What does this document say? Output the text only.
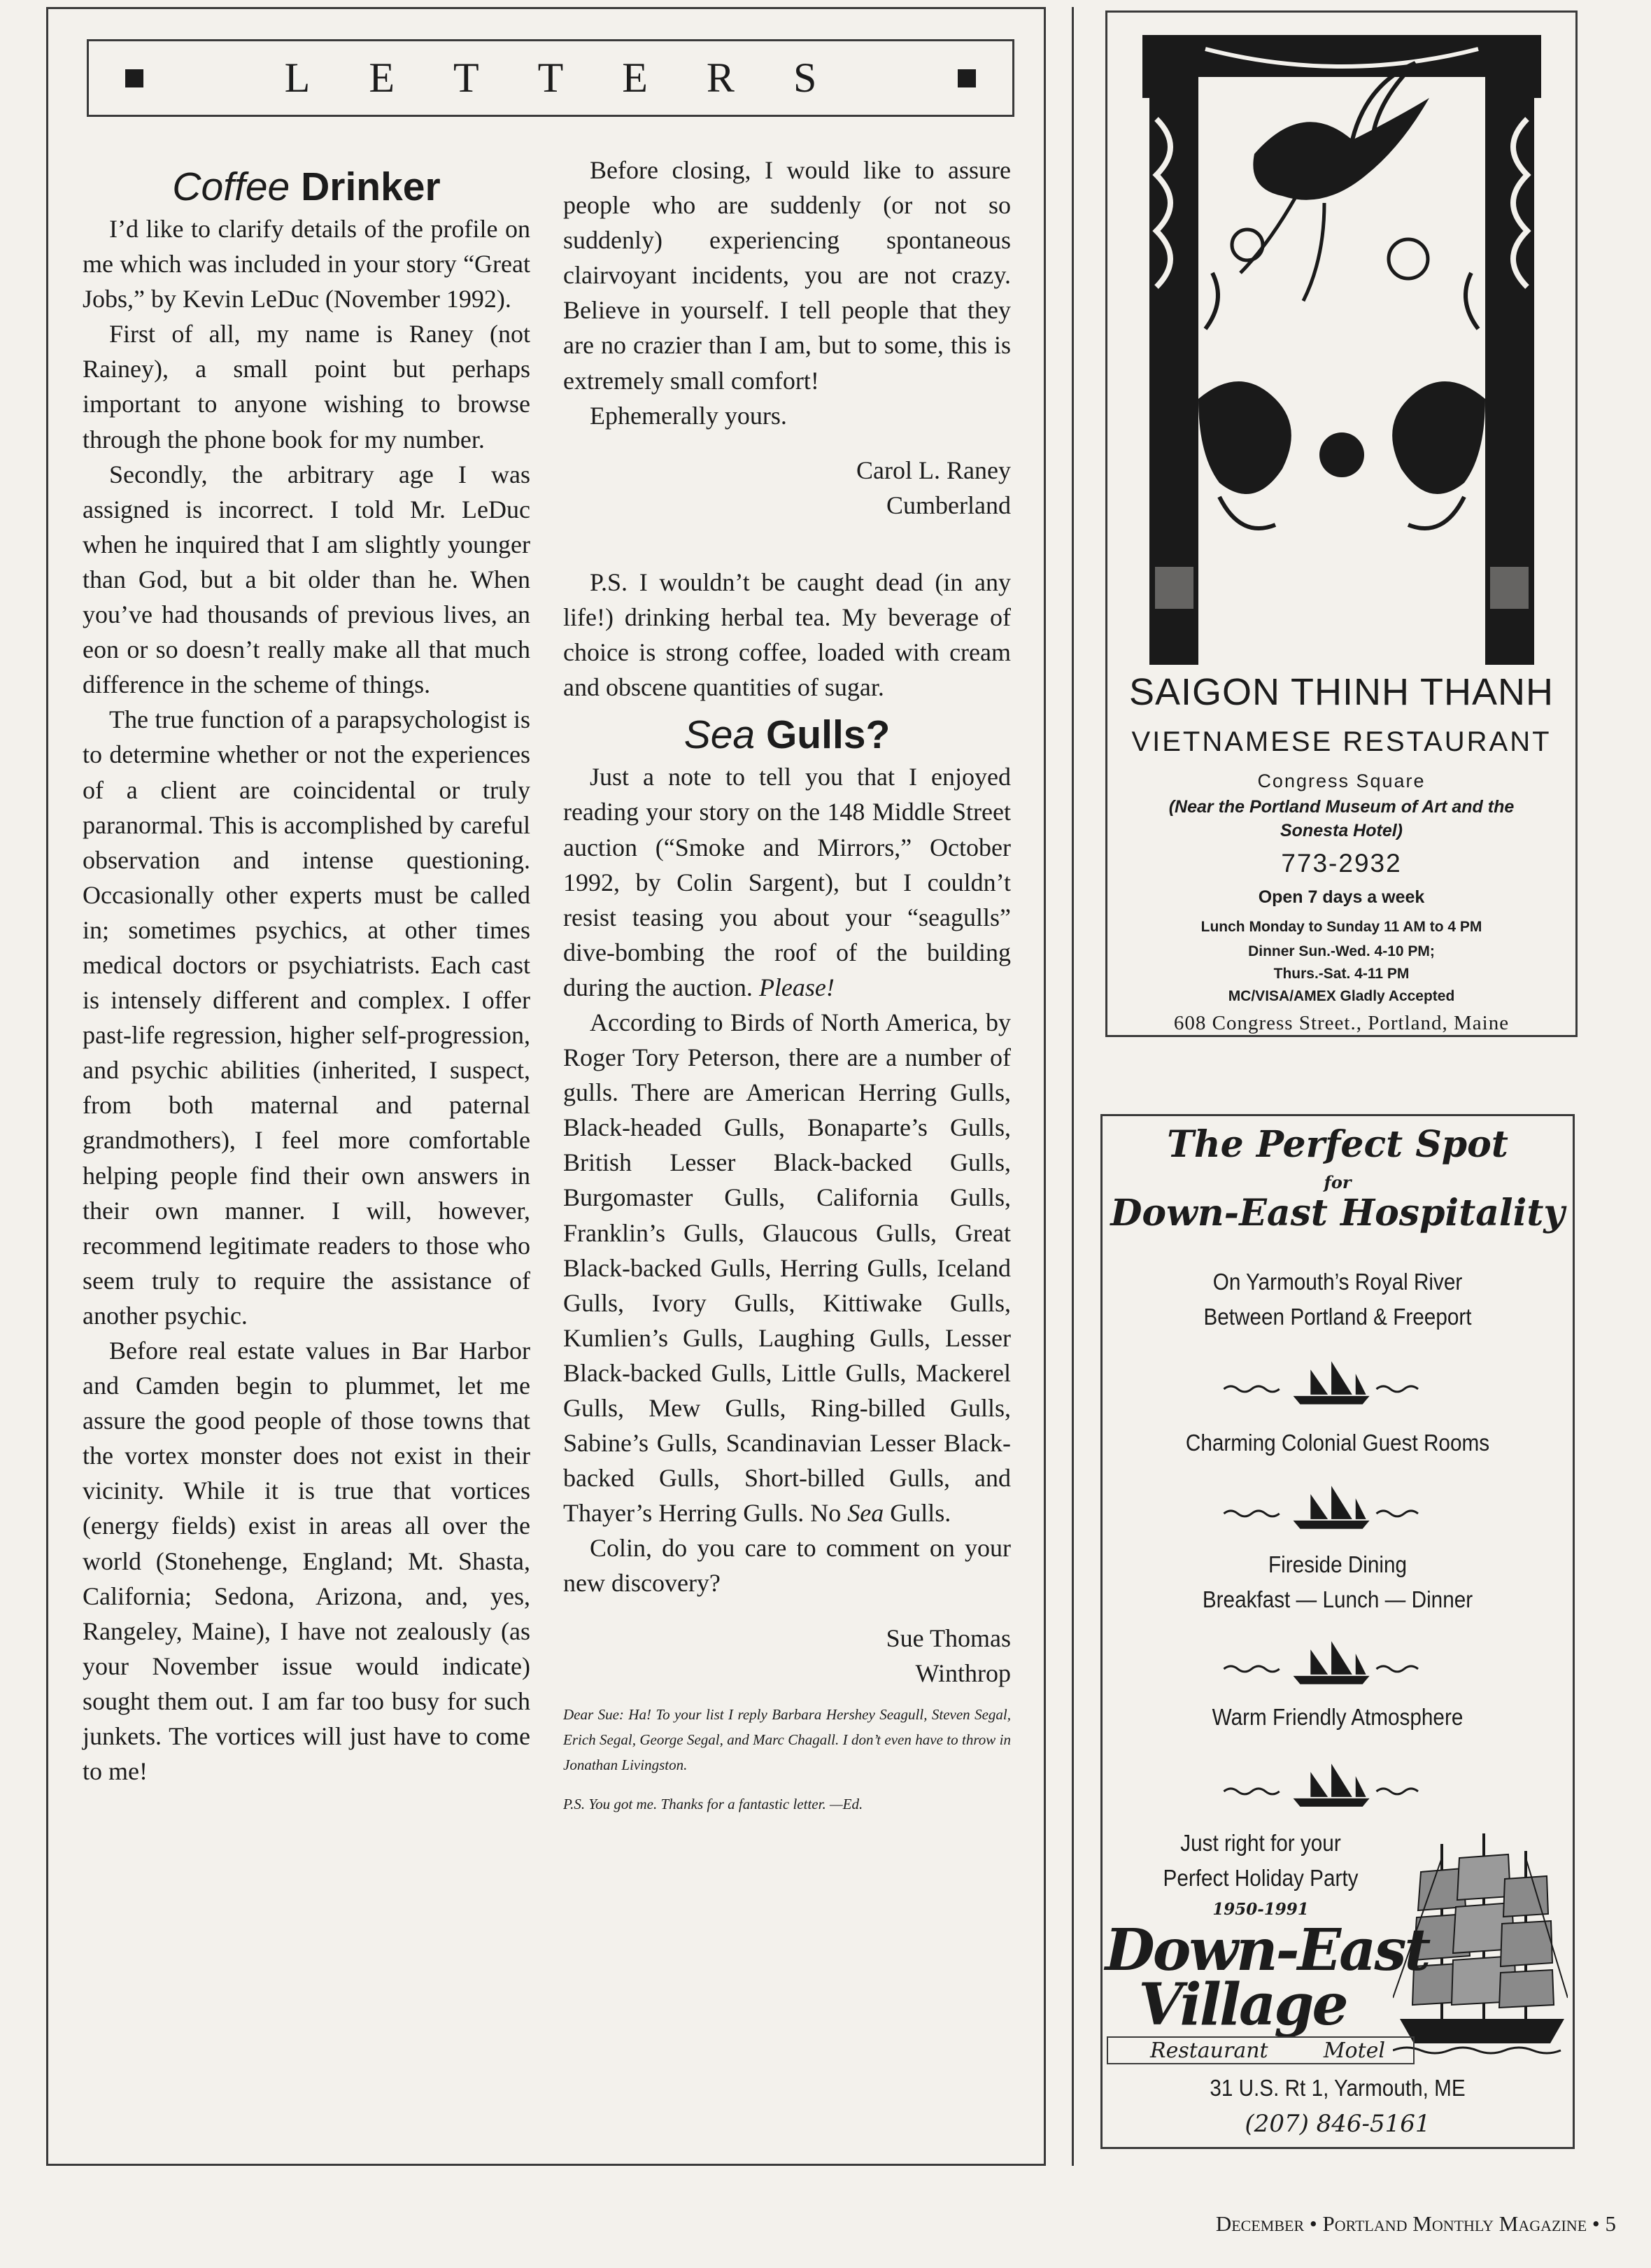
LETTERS

Coffee Drinker

I’d like to clarify details of the profile on me which was included in your story “Great Jobs,” by Kevin LeDuc (November 1992).

First of all, my name is Raney (not Rainey), a small point but perhaps important to anyone wishing to browse through the phone book for my number.

Secondly, the arbitrary age I was assigned is incorrect. I told Mr. LeDuc when he inquired that I am slightly younger than God, but a bit older than he. When you’ve had thousands of previous lives, an eon or so doesn’t really make all that much difference in the scheme of things.

The true function of a parapsychologist is to determine whether or not the experiences of a client are coincidental or truly paranormal. This is accomplished by careful observation and intense questioning. Occasionally other experts must be called in; sometimes psychics, at other times medical doctors or psychiatrists. Each cast is intensely different and complex. I offer past-life regression, higher self-progression, and psychic abilities (inherited, I suspect, from both maternal and paternal grandmothers), I feel more comfortable helping people find their own answers in their own manner. I will, however, recommend legitimate readers to those who seem truly to require the assistance of another psychic.

Before real estate values in Bar Harbor and Camden begin to plummet, let me assure the good people of those towns that the vortex monster does not exist in their vicinity. While it is true that vortices (energy fields) exist in areas all over the world (Stonehenge, England; Mt. Shasta, California; Sedona, Arizona, and, yes, Rangeley, Maine), I have not zealously (as your November issue would indicate) sought them out. I am far too busy for such junkets. The vortices will just have to come to me!

Before closing, I would like to assure people who are suddenly (or not so suddenly) experiencing spontaneous clairvoyant incidents, you are not crazy. Believe in yourself. I tell people that they are no crazier than I am, but to some, this is extremely small comfort!

Ephemerally yours.

Carol L. Raney

Cumberland

P.S. I wouldn’t be caught dead (in any life!) drinking herbal tea. My beverage of choice is strong coffee, loaded with cream and obscene quantities of sugar.

Sea Gulls?

Just a note to tell you that I enjoyed reading your story on the 148 Middle Street auction (“Smoke and Mirrors,” October 1992, by Colin Sargent), but I couldn’t resist teasing you about your “seagulls” dive-bombing the roof of the building during the auction. Please!

According to Birds of North America, by Roger Tory Peterson, there are a number of gulls. There are American Herring Gulls, Black-headed Gulls, Bonaparte’s Gulls, British Lesser Black-backed Gulls, Burgomaster Gulls, California Gulls, Franklin’s Gulls, Glaucous Gulls, Great Black-backed Gulls, Herring Gulls, Iceland Gulls, Ivory Gulls, Kittiwake Gulls, Kumlien’s Gulls, Laughing Gulls, Lesser Black-backed Gulls, Little Gulls, Mackerel Gulls, Mew Gulls, Ring-billed Gulls, Sabine’s Gulls, Scandinavian Lesser Black-backed Gulls, Short-billed Gulls, and Thayer’s Herring Gulls. No Sea Gulls.

Colin, do you care to comment on your new discovery?

Sue Thomas

Winthrop

Dear Sue: Ha! To your list I reply Barbara Hershey Seagull, Steven Segal, Erich Segal, George Segal, and Marc Chagall. I don’t even have to throw in Jonathan Livingston.

P.S. You got me. Thanks for a fantastic letter. —Ed.

SAIGON THINH THANH
VIETNAMESE RESTAURANT
Congress Square
(Near the Portland Museum of Art and the Sonesta Hotel)
773-2932
Open 7 days a week
Lunch Monday to Sunday 11 AM to 4 PM
Dinner Sun.-Wed. 4-10 PM;
Thurs.-Sat. 4-11 PM
MC/VISA/AMEX Gladly Accepted
608 Congress Street., Portland, Maine
The Perfect Spot
for
Down-East Hospitality
On Yarmouth’s Royal River
Between Portland & Freeport
Charming Colonial Guest Rooms
Fireside Dining
Breakfast — Lunch — Dinner
Warm Friendly Atmosphere
Just right for your
Perfect Holiday Party
1950-1991
Down-East
Village
Restaurant	Motel
31 U.S. Rt 1, Yarmouth, ME
(207) 846-5161
December • Portland Monthly Magazine • 5
